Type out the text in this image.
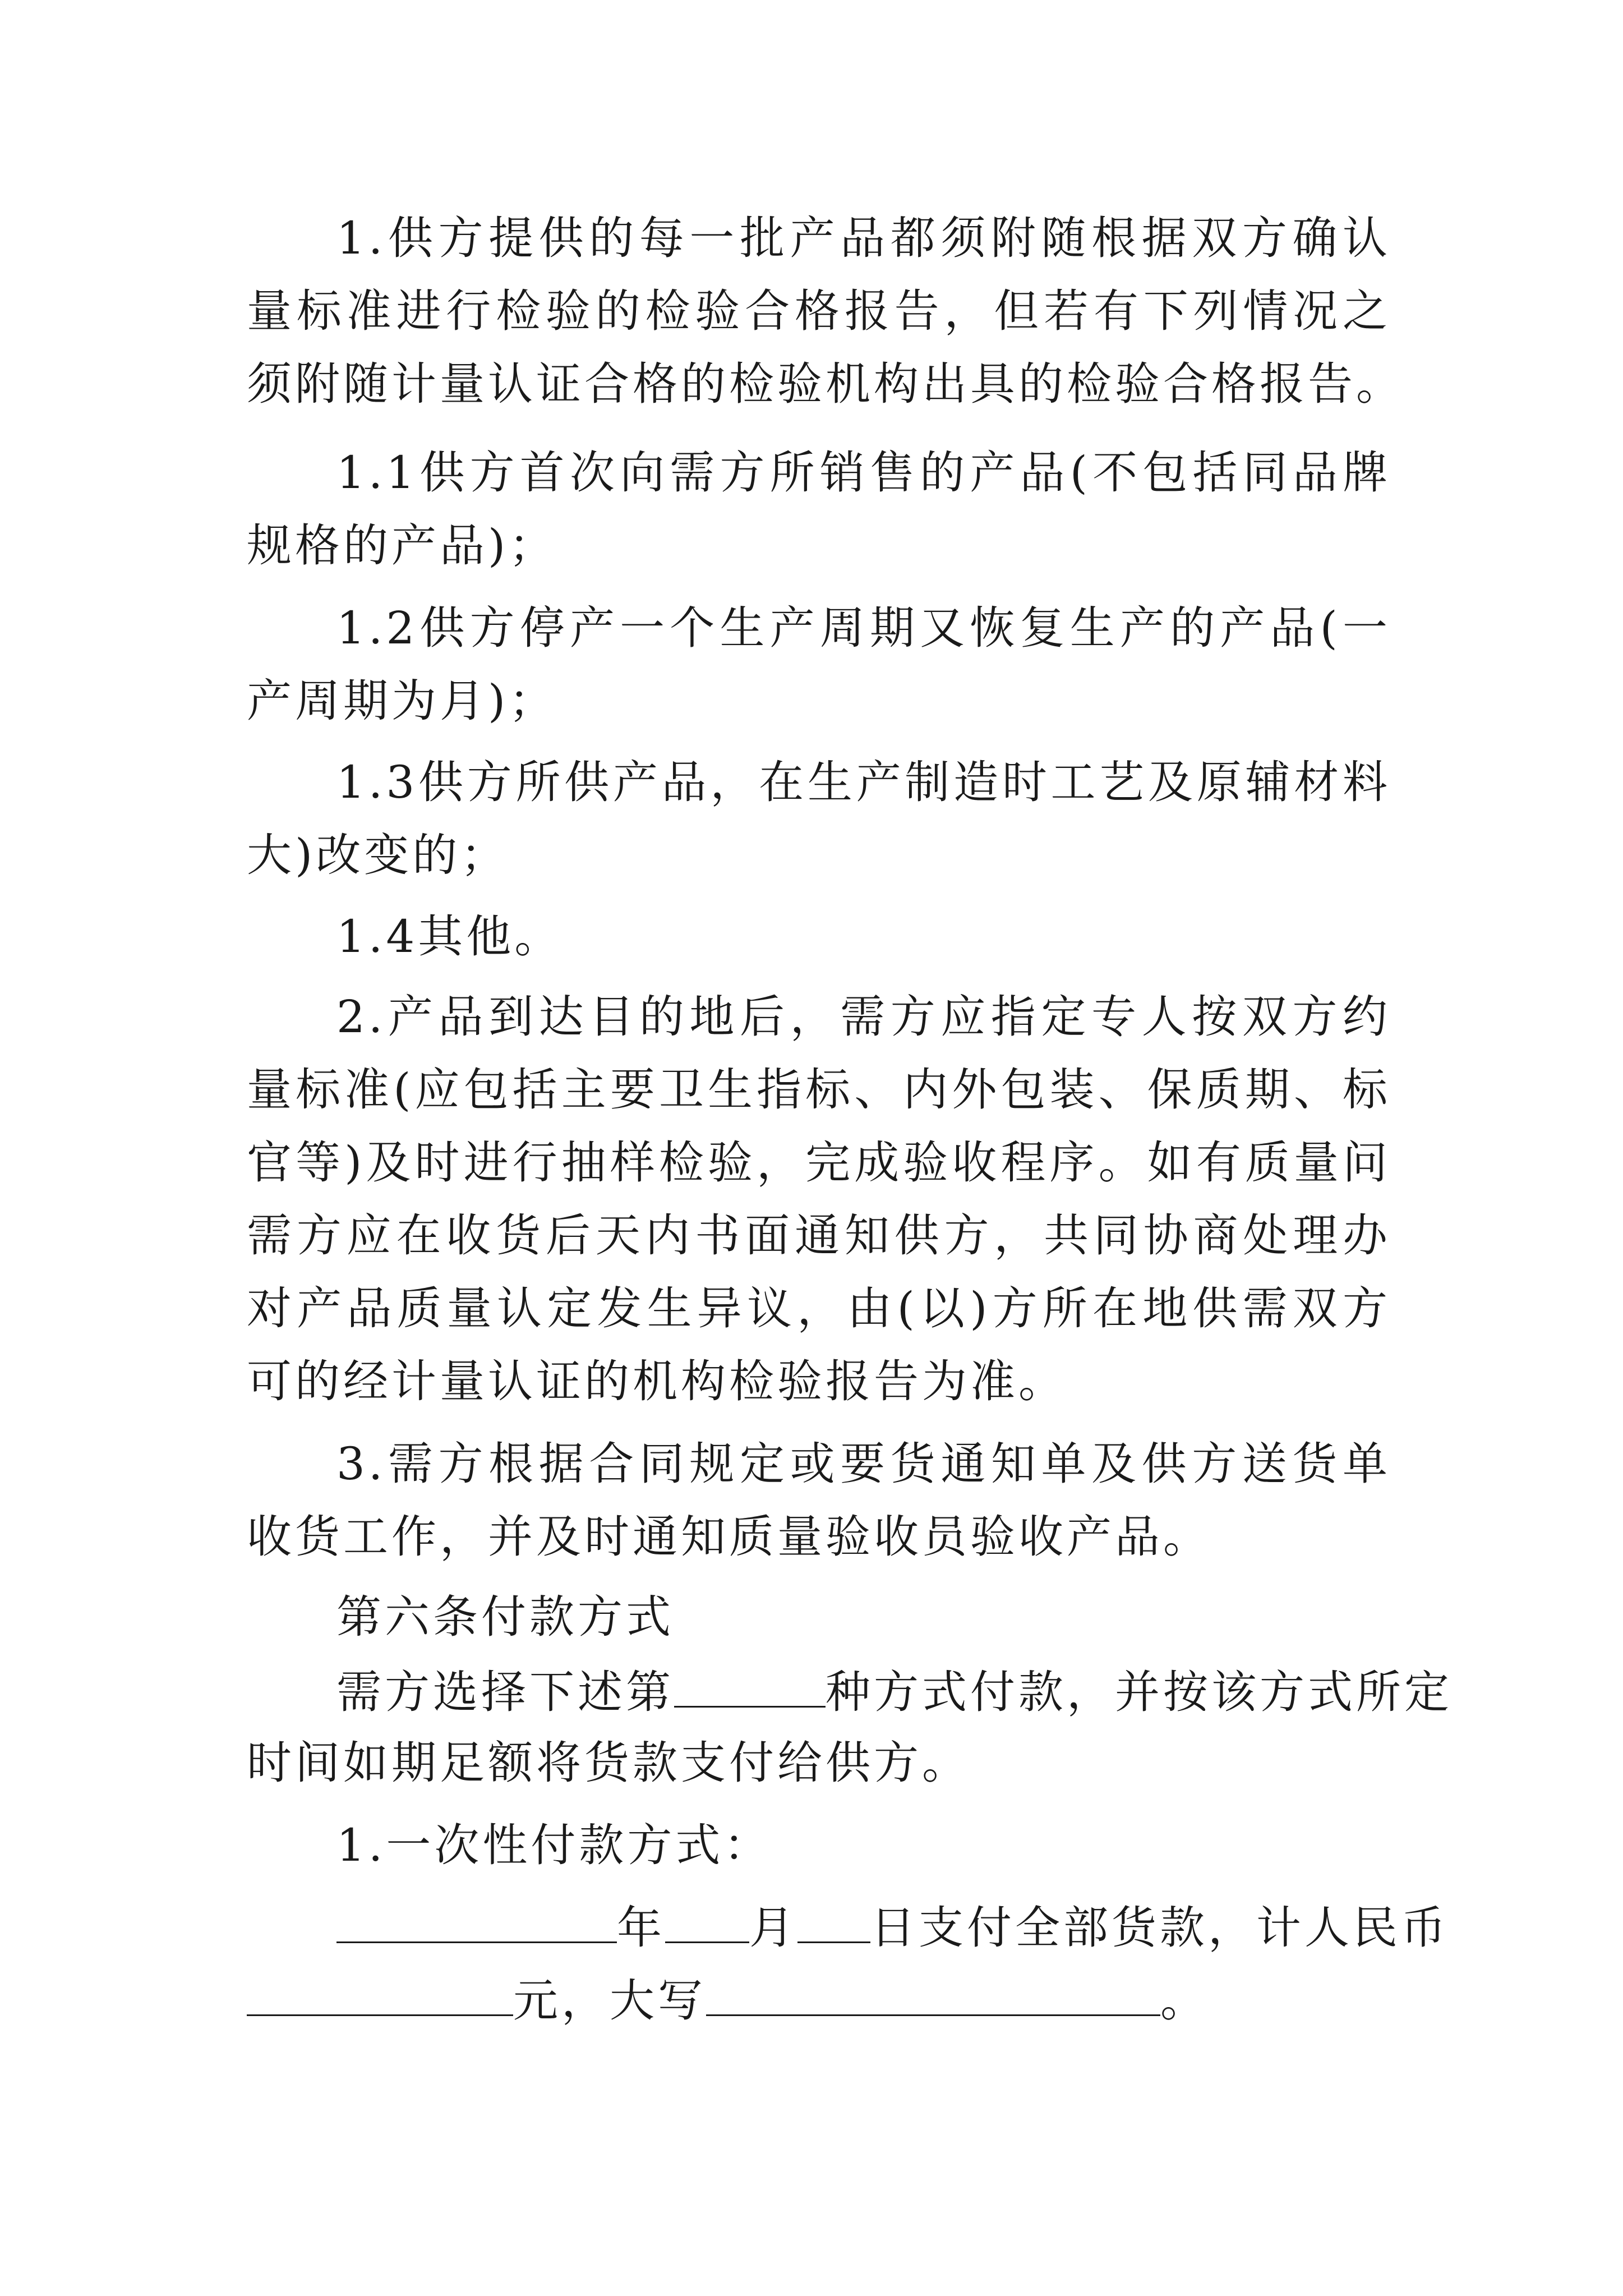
1.供方提供的每一批产品都须附随根据双方确认
量标准进行检验的检验合格报告，但若有下列情况之
须附随计量认证合格的检验机构出具的检验合格报告。
1.1供方首次向需方所销售的产品(不包括同品牌
规格的产品)；
1.2供方停产一个生产周期又恢复生产的产品(一
产周期为月)；
1.3供方所供产品，在生产制造时工艺及原辅材料
大)改变的；
1.4其他。
2.产品到达目的地后，需方应指定专人按双方约
量标准(应包括主要卫生指标、内外包装、保质期、标
官等)及时进行抽样检验，完成验收程序。如有质量问
需方应在收货后天内书面通知供方，共同协商处理办
对产品质量认定发生异议，由(以)方所在地供需双方
可的经计量认证的机构检验报告为准。
3.需方根据合同规定或要货通知单及供方送货单
收货工作，并及时通知质量验收员验收产品。
第六条付款方式
需方选择下述第	种方式付款，并按该方式所定
时间如期足额将货款支付给供方。
1.一次性付款方式：
年 月 日支付全部货款，计人民币
元，大写	。
